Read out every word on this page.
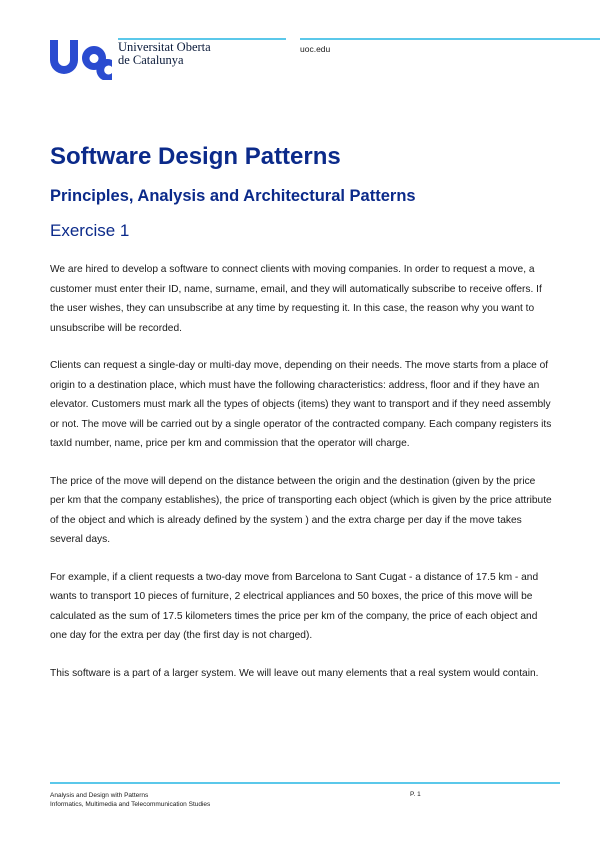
Universitat Oberta
de Catalunya
uoc.edu
Software Design Patterns
Principles, Analysis and Architectural Patterns
Exercise 1

We are hired to develop a software to connect clients with moving companies. In order to request a move, a customer must enter their ID, name, surname, email, and they will automatically subscribe to receive offers. If the user wishes, they can unsubscribe at any time by requesting it. In this case, the reason why you want to unsubscribe will be recorded.

Clients can request a single-day or multi-day move, depending on their needs. The move starts from a place of origin to a destination place, which must have the following characteristics: address, floor and if they have an elevator. Customers must mark all the types of objects (items) they want to transport and if they need assembly or not. The move will be carried out by a single operator of the contracted company. Each company registers its taxId number, name, price per km and commission that the operator will charge.

The price of the move will depend on the distance between the origin and the destination (given by the price per km that the company establishes), the price of transporting each object (which is given by the price attribute of the object and which is already defined by the system ) and the extra charge per day if the move takes several days.

For example, if a client requests a two-day move from Barcelona to Sant Cugat - a distance of 17.5 km - and wants to transport 10 pieces of furniture, 2 electrical appliances and 50 boxes, the price of this move will be calculated as the sum of 17.5 kilometers times the price per km of the company, the price of each object and one day for the extra per day (the first day is not charged).

This software is a part of a larger system. We will leave out many elements that a real system would contain.

Analysis and Design with Patterns
Informatics, Multimedia and Telecommunication Studies
P. 1
